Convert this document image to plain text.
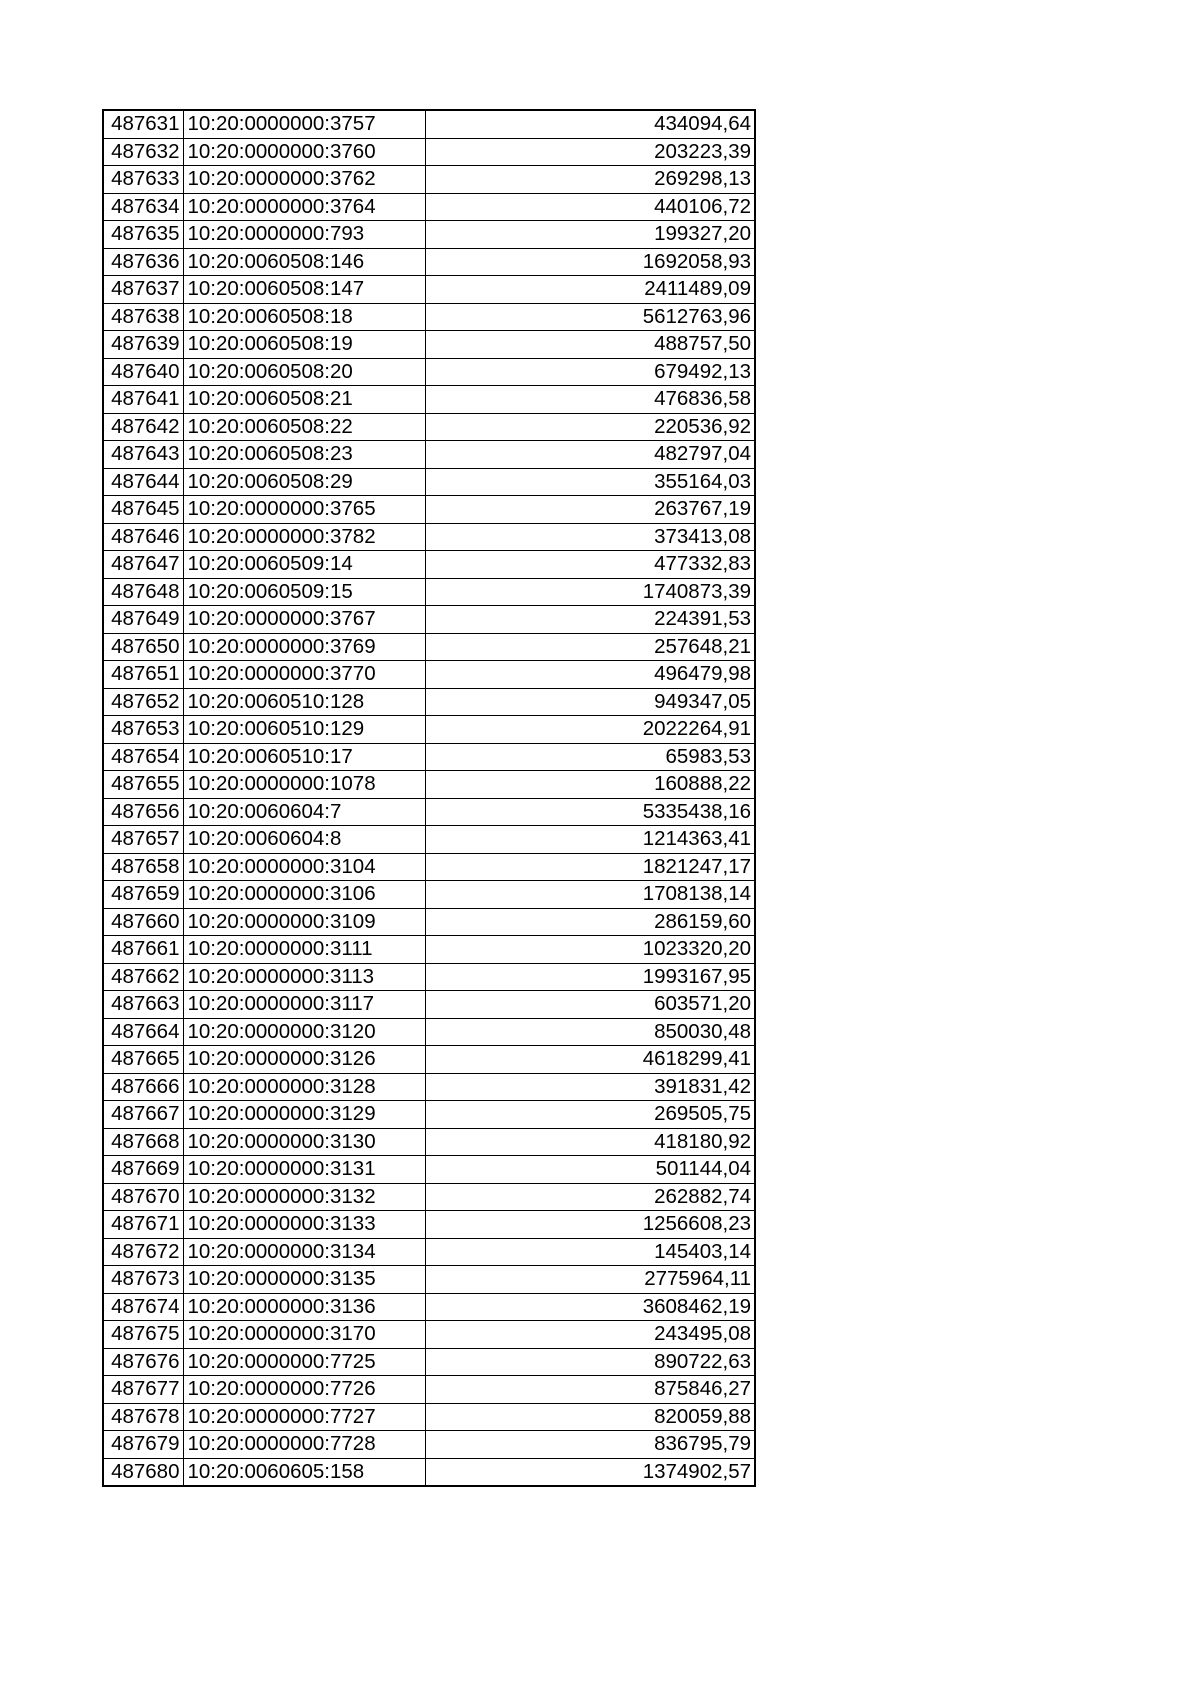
487631	10:20:0000000:3757	434094,64
487632	10:20:0000000:3760	203223,39
487633	10:20:0000000:3762	269298,13
487634	10:20:0000000:3764	440106,72
487635	10:20:0000000:793	199327,20
487636	10:20:0060508:146	1692058,93
487637	10:20:0060508:147	2411489,09
487638	10:20:0060508:18	5612763,96
487639	10:20:0060508:19	488757,50
487640	10:20:0060508:20	679492,13
487641	10:20:0060508:21	476836,58
487642	10:20:0060508:22	220536,92
487643	10:20:0060508:23	482797,04
487644	10:20:0060508:29	355164,03
487645	10:20:0000000:3765	263767,19
487646	10:20:0000000:3782	373413,08
487647	10:20:0060509:14	477332,83
487648	10:20:0060509:15	1740873,39
487649	10:20:0000000:3767	224391,53
487650	10:20:0000000:3769	257648,21
487651	10:20:0000000:3770	496479,98
487652	10:20:0060510:128	949347,05
487653	10:20:0060510:129	2022264,91
487654	10:20:0060510:17	65983,53
487655	10:20:0000000:1078	160888,22
487656	10:20:0060604:7	5335438,16
487657	10:20:0060604:8	1214363,41
487658	10:20:0000000:3104	1821247,17
487659	10:20:0000000:3106	1708138,14
487660	10:20:0000000:3109	286159,60
487661	10:20:0000000:3111	1023320,20
487662	10:20:0000000:3113	1993167,95
487663	10:20:0000000:3117	603571,20
487664	10:20:0000000:3120	850030,48
487665	10:20:0000000:3126	4618299,41
487666	10:20:0000000:3128	391831,42
487667	10:20:0000000:3129	269505,75
487668	10:20:0000000:3130	418180,92
487669	10:20:0000000:3131	501144,04
487670	10:20:0000000:3132	262882,74
487671	10:20:0000000:3133	1256608,23
487672	10:20:0000000:3134	145403,14
487673	10:20:0000000:3135	2775964,11
487674	10:20:0000000:3136	3608462,19
487675	10:20:0000000:3170	243495,08
487676	10:20:0000000:7725	890722,63
487677	10:20:0000000:7726	875846,27
487678	10:20:0000000:7727	820059,88
487679	10:20:0000000:7728	836795,79
487680	10:20:0060605:158	1374902,57
